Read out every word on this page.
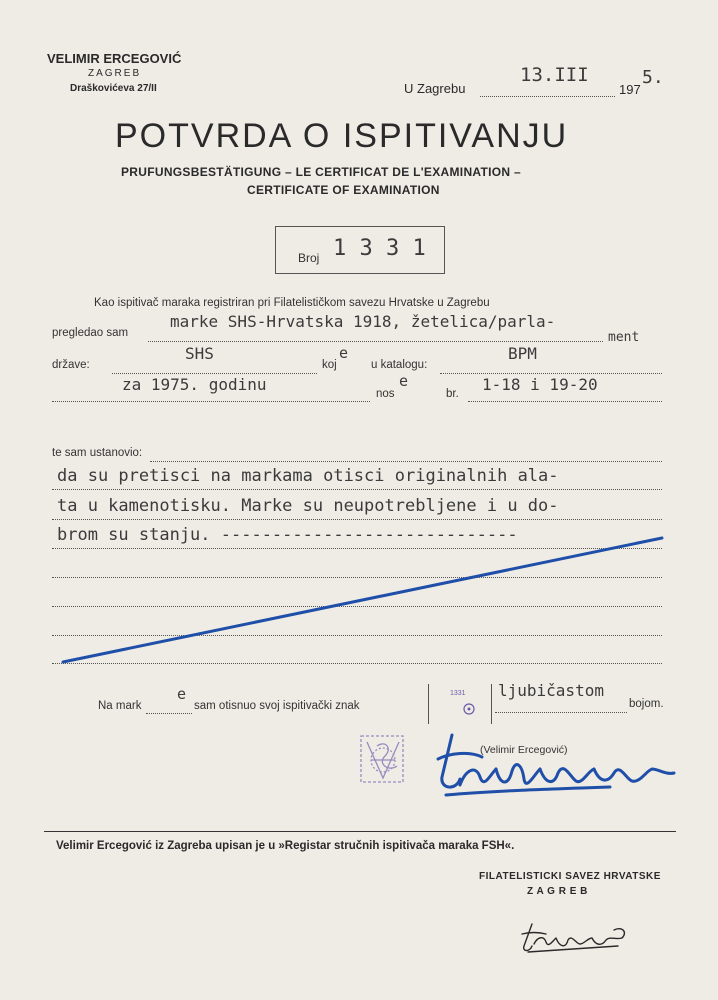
VELIMIR ERCEGOVIĆ
ZAGREB
Draškovićeva 27/II	U Zagrebu
13.III
197
5.
POTVRDA O ISPITIVANJU
PRUFUNGSBESTÄTIGUNG – LE CERTIFICAT DE L'EXAMINATION –
CERTIFICATE OF EXAMINATION
Broj 1 3 3 1
Kao ispitivač maraka registriran pri Filatelističkom savezu Hrvatske u Zagrebu
pregledao sam
marke SHS-Hrvatska 1918, žetelica/parla-
ment
države:
SHS
koj
e
u katalogu:
BPM
za 1975. godinu	nos
e
br. 1-18 i 19-20
te sam ustanovio:
da su pretisci na markama otisci originalnih ala-
ta u kamenotisku. Marke su neupotrebljene i u do-
brom su stanju. -----------------------------
Na mark
e
sam otisnuo svoj ispitivački znak
1331 ljubičastom
bojom.
(Velimir Ercegović)
Velimir Ercegović iz Zagreba upisan je u »Registar stručnih ispitivača maraka FSH«.
FILATELISTICKI SAVEZ HRVATSKE
Z A G R E B
